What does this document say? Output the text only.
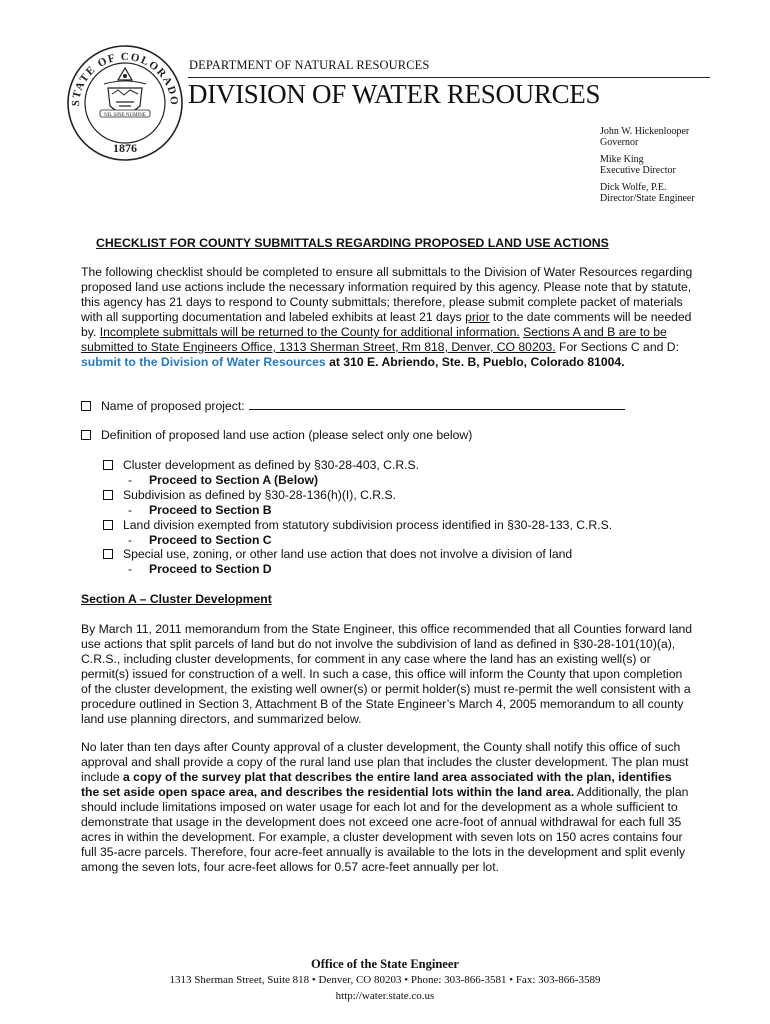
STATE OF COLORADO
1876
NIL SINE NUMINE
DEPARTMENT OF NATURAL RESOURCES
DIVISION OF WATER RESOURCES
John W. Hickenlooper
Governor
Mike King
Executive Director
Dick Wolfe, P.E.
Director/State Engineer
CHECKLIST FOR COUNTY SUBMITTALS REGARDING PROPOSED LAND USE ACTIONS
The following checklist should be completed to ensure all submittals to the Division of Water Resources regarding proposed land use actions include the necessary information required by this agency. Please note that by statute, this agency has 21 days to respond to County submittals; therefore, please submit complete packet of materials with all supporting documentation and labeled exhibits at least 21 days prior to the date comments will be needed by. Incomplete submittals will be returned to the County for additional information. Sections A and B are to be submitted to State Engineers Office, 1313 Sherman Street, Rm 818, Denver, CO 80203. For Sections C and D: submit to the Division of Water Resources at 310 E. Abriendo, Ste. B, Pueblo, Colorado 81004.
Name of proposed project:
Definition of proposed land use action (please select only one below)
Cluster development as defined by §30-28-403, C.R.S.
- Proceed to Section A (Below)
Subdivision as defined by §30-28-136(h)(I), C.R.S.
- Proceed to Section B
Land division exempted from statutory subdivision process identified in §30-28-133, C.R.S.
- Proceed to Section C
Special use, zoning, or other land use action that does not involve a division of land
- Proceed to Section D
Section A – Cluster Development
By March 11, 2011 memorandum from the State Engineer, this office recommended that all Counties forward land use actions that split parcels of land but do not involve the subdivision of land as defined in §30-28-101(10)(a), C.R.S., including cluster developments, for comment in any case where the land has an existing well(s) or permit(s) issued for construction of a well. In such a case, this office will inform the County that upon completion of the cluster development, the existing well owner(s) or permit holder(s) must re-permit the well consistent with a procedure outlined in Section 3, Attachment B of the State Engineer’s March 4, 2005 memorandum to all county land use planning directors, and summarized below.
No later than ten days after County approval of a cluster development, the County shall notify this office of such approval and shall provide a copy of the rural land use plan that includes the cluster development. The plan must include a copy of the survey plat that describes the entire land area associated with the plan, identifies the set aside open space area, and describes the residential lots within the land area. Additionally, the plan should include limitations imposed on water usage for each lot and for the development as a whole sufficient to demonstrate that usage in the development does not exceed one acre-foot of annual withdrawal for each full 35 acres in within the development. For example, a cluster development with seven lots on 150 acres contains four full 35-acre parcels. Therefore, four acre-feet annually is available to the lots in the development and split evenly among the seven lots, four acre-feet allows for 0.57 acre-feet annually per lot.
Office of the State Engineer
1313 Sherman Street, Suite 818 • Denver, CO 80203 • Phone: 303-866-3581 • Fax: 303-866-3589
http://water.state.co.us
